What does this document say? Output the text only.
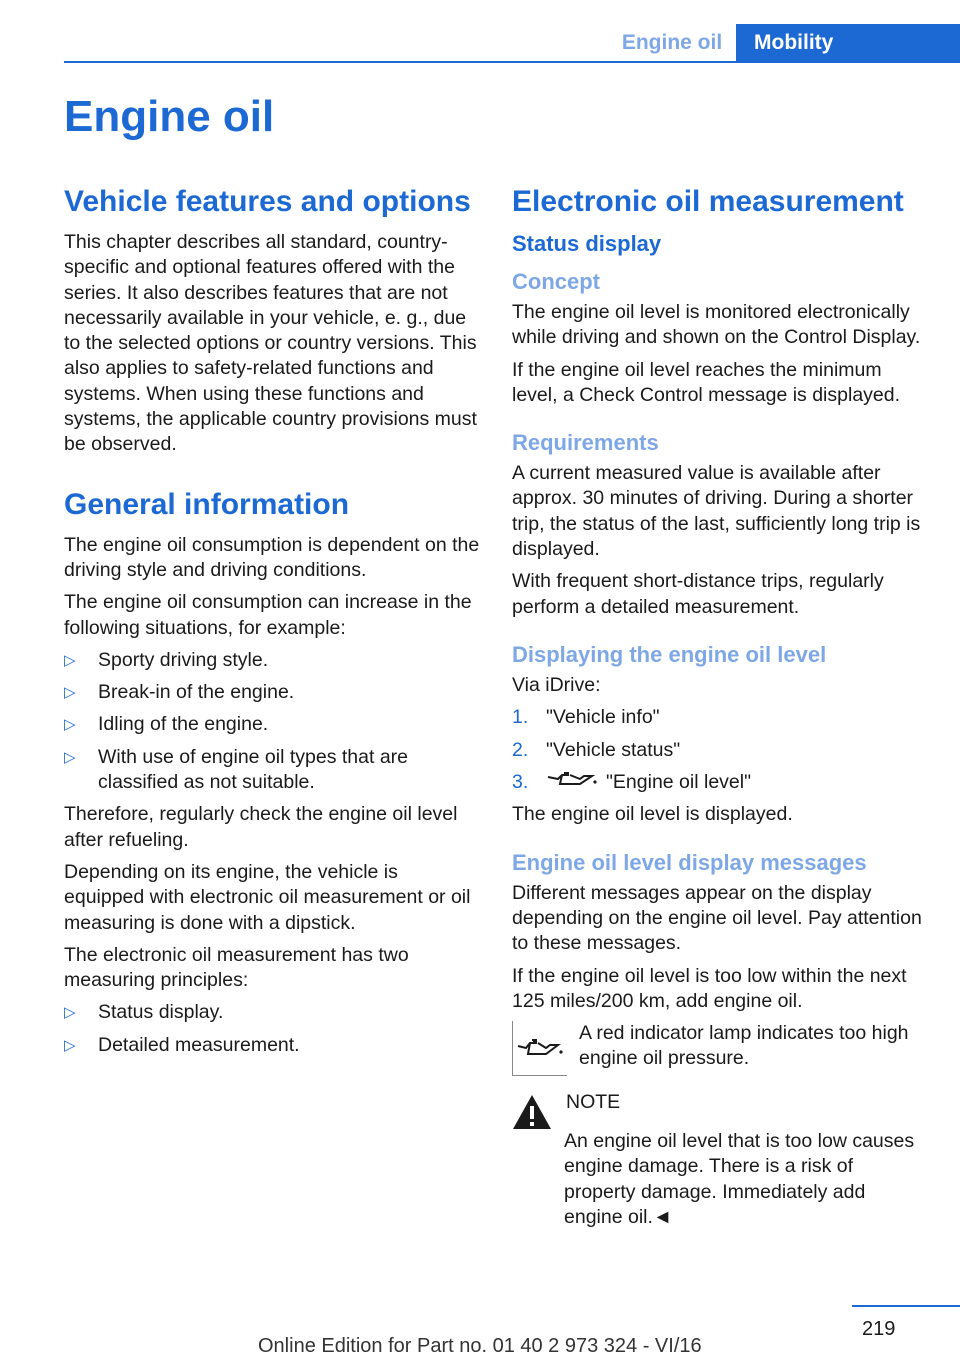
Engine oil	Mobility
Engine oil
Vehicle features and options

This chapter describes all standard, country-specific and optional features offered with the series. It also describes features that are not necessarily available in your vehicle, e. g., due to the selected options or country versions. This also applies to safety-related functions and systems. When using these functions and systems, the applicable country provisions must be observed.

General information

The engine oil consumption is dependent on the driving style and driving conditions.

The engine oil consumption can increase in the following situations, for example:

▷ Sporty driving style.
▷ Break-in of the engine.
▷ Idling of the engine.
▷ With use of engine oil types that are classified as not suitable.

Therefore, regularly check the engine oil level after refueling.

Depending on its engine, the vehicle is equipped with electronic oil measurement or oil measuring is done with a dipstick.

The electronic oil measurement has two measuring principles:

▷ Status display.
▷ Detailed measurement.
Electronic oil measurement
Status display
Concept

The engine oil level is monitored electronically while driving and shown on the Control Display.

If the engine oil level reaches the minimum level, a Check Control message is displayed.

Requirements

A current measured value is available after approx. 30 minutes of driving. During a shorter trip, the status of the last, sufficiently long trip is displayed.

With frequent short-distance trips, regularly perform a detailed measurement.

Displaying the engine oil level

Via iDrive:

1. "Vehicle info"
2. "Vehicle status"
3.	"Engine oil level"

The engine oil level is displayed.

Engine oil level display messages

Different messages appear on the display depending on the engine oil level. Pay attention to these messages.

If the engine oil level is too low within the next 125 miles/200 km, add engine oil.

A red indicator lamp indicates too high engine oil pressure.

NOTE

An engine oil level that is too low causes engine damage. There is a risk of property damage. Immediately add engine oil.◄

219
Online Edition for Part no. 01 40 2 973 324 - VI/16
